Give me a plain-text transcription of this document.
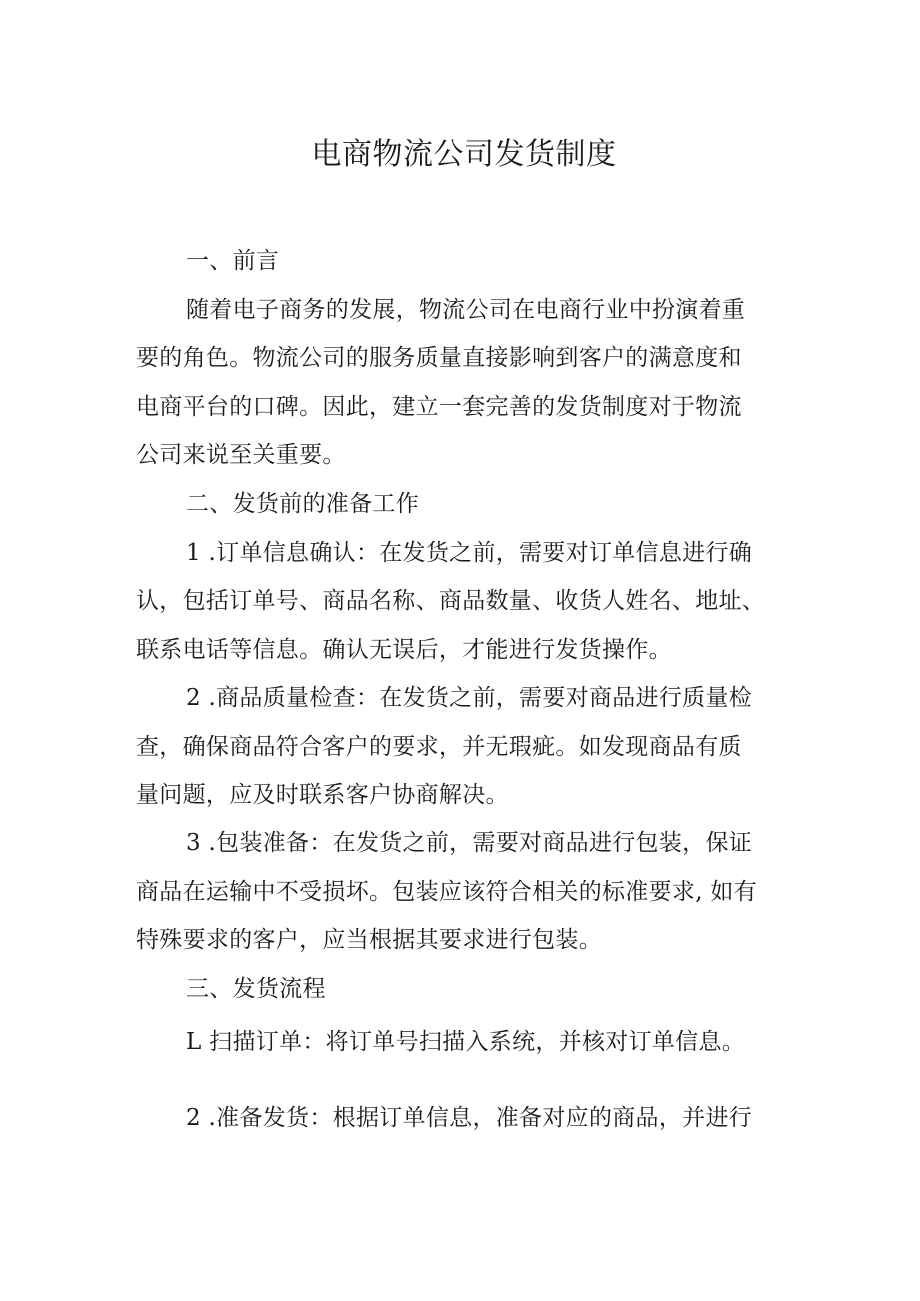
电商物流公司发货制度
一、前言
随着电子商务的发展，物流公司在电商行业中扮演着重
要的角色。物流公司的服务质量直接影响到客户的满意度和
电商平台的口碑。因此，建立一套完善的发货制度对于物流
公司来说至关重要。
二、发货前的准备工作
1 .订单信息确认：在发货之前，需要对订单信息进行确
认，包括订单号、商品名称、商品数量、收货人姓名、地址、
联系电话等信息。确认无误后，才能进行发货操作。
2 .商品质量检查：在发货之前，需要对商品进行质量检
查，确保商品符合客户的要求，并无瑕疵。如发现商品有质
量问题，应及时联系客户协商解决。
3 .包装准备：在发货之前，需要对商品进行包装，保证
商品在运输中不受损坏。包装应该符合相关的标准要求, 如有
特殊要求的客户，应当根据其要求进行包装。
三、发货流程
L 扫描订单：将订单号扫描入系统，并核对订单信息。
2 .准备发货：根据订单信息，准备对应的商品，并进行
